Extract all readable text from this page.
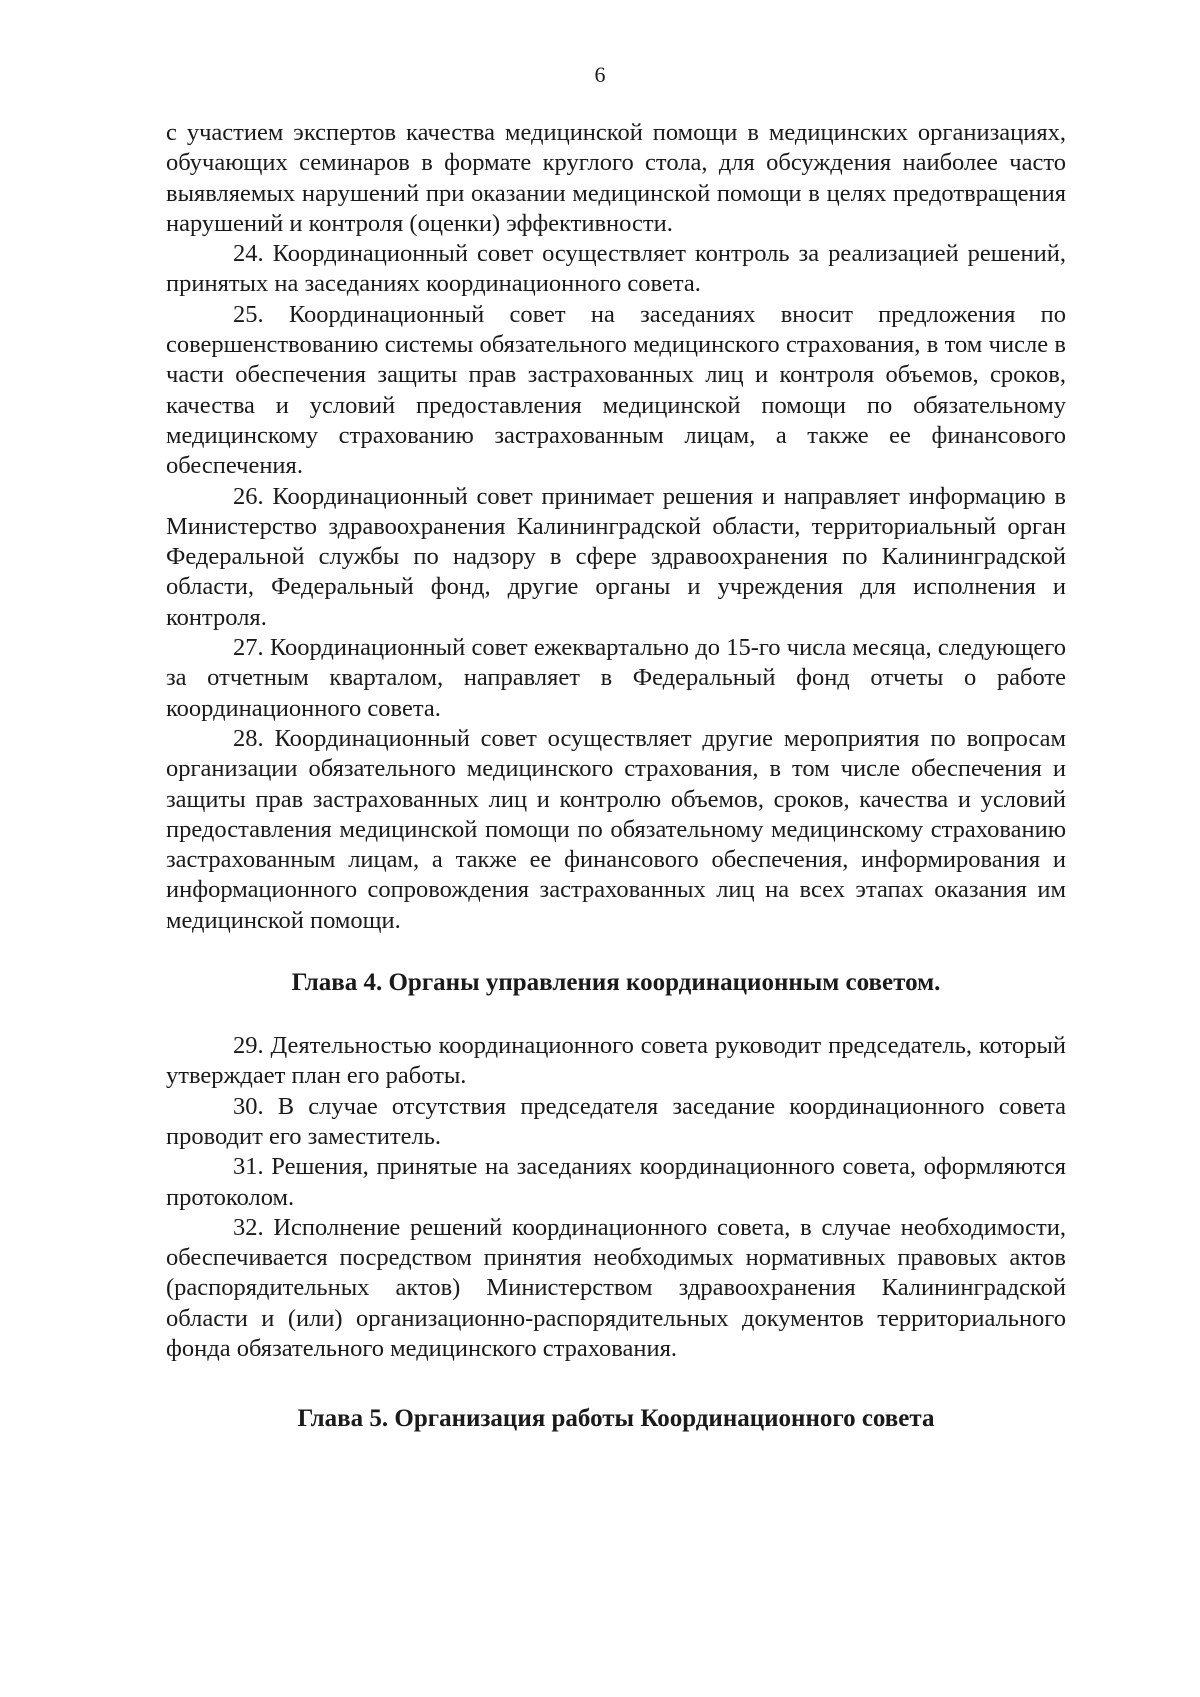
6

с участием экспертов качества медицинской помощи в медицинских организациях, обучающих семинаров в формате круглого стола, для обсуждения наиболее часто выявляемых нарушений при оказании медицинской помощи в целях предотвращения нарушений и контроля (оценки) эффективности.

24. Координационный совет осуществляет контроль за реализацией решений, принятых на заседаниях координационного совета.

25. Координационный совет на заседаниях вносит предложения по совершенствованию системы обязательного медицинского страхования, в том числе в части обеспечения защиты прав застрахованных лиц и контроля объемов, сроков, качества и условий предоставления медицинской помощи по обязательному медицинскому страхованию застрахованным лицам, а также ее финансового обеспечения.

26. Координационный совет принимает решения и направляет информацию в Министерство здравоохранения Калининградской области, территориальный орган Федеральной службы по надзору в сфере здравоохранения по Калининградской области, Федеральный фонд, другие органы и учреждения для исполнения и контроля.

27. Координационный совет ежеквартально до 15-го числа месяца, следующего за отчетным кварталом, направляет в Федеральный фонд отчеты о работе координационного совета.

28. Координационный совет осуществляет другие мероприятия по вопросам организации обязательного медицинского страхования, в том числе обеспечения и защиты прав застрахованных лиц и контролю объемов, сроков, качества и условий предоставления медицинской помощи по обязательному медицинскому страхованию застрахованным лицам, а также ее финансового обеспечения, информирования и информационного сопровождения застрахованных лиц на всех этапах оказания им медицинской помощи.

Глава 4. Органы управления координационным советом.

29. Деятельностью координационного совета руководит председатель, который утверждает план его работы.

30. В случае отсутствия председателя заседание координационного совета проводит его заместитель.

31. Решения, принятые на заседаниях координационного совета, оформляются протоколом.

32. Исполнение решений координационного совета, в случае необходимости, обеспечивается посредством принятия необходимых нормативных правовых актов (распорядительных актов) Министерством здравоохранения Калининградской области и (или) организационно-распорядительных документов территориального фонда обязательного медицинского страхования.

Глава 5. Организация работы Координационного совета
